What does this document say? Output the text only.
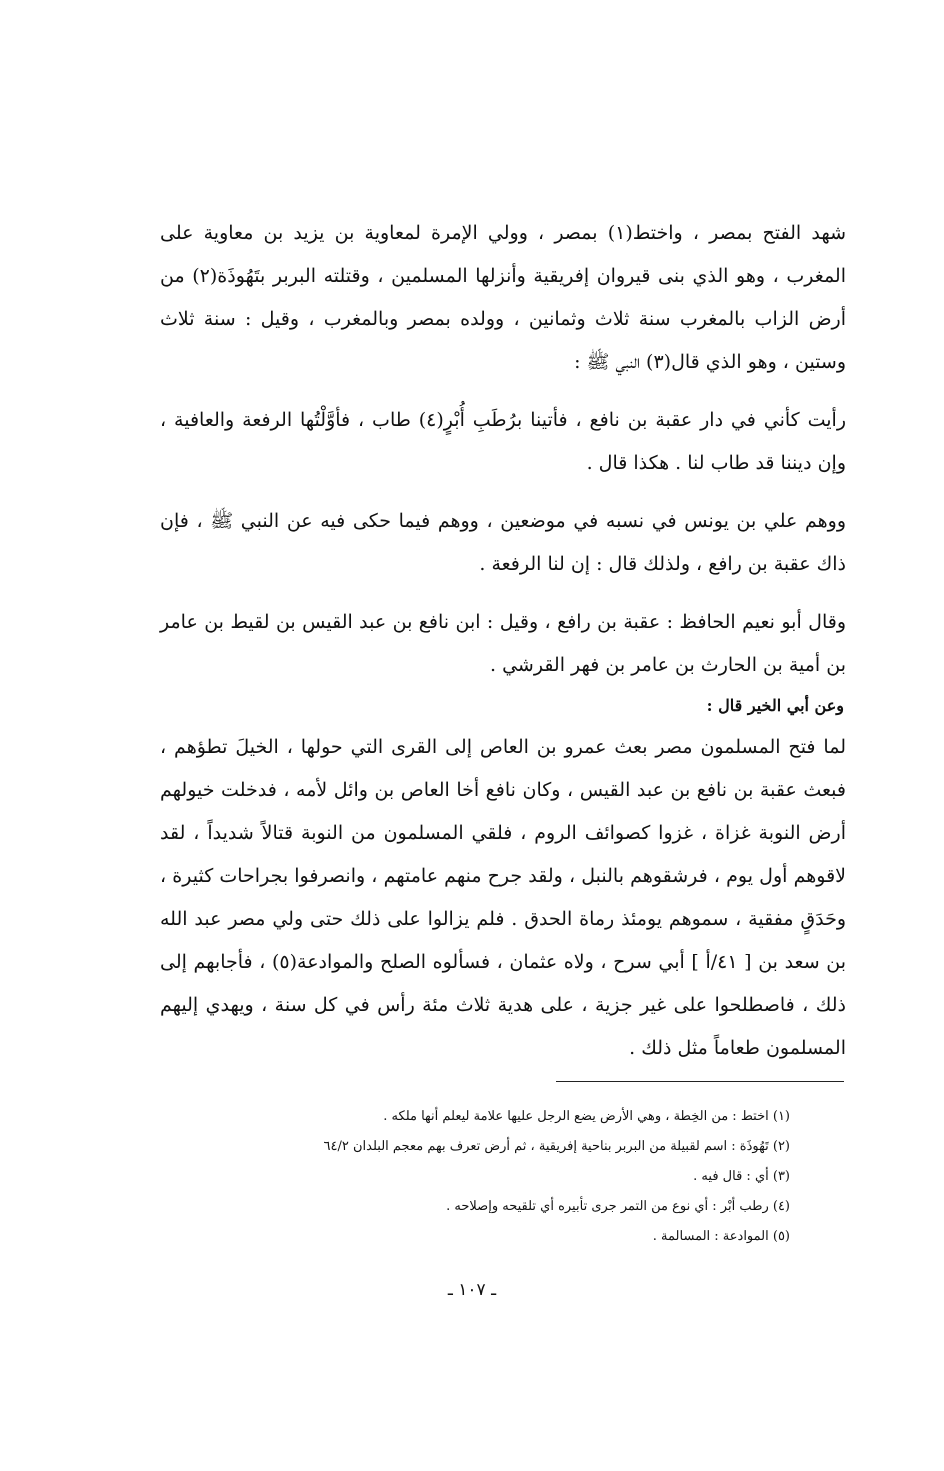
شهد الفتح بمصر ، واختط(١) بمصر ، وولي الإمرة لمعاوية بن يزيد بن معاوية على المغرب ، وهو الذي بنى قيروان إفريقية وأنزلها المسلمين ، وقتلته البربر بتَهُوذَة(٢) من أرض الزاب بالمغرب سنة ثلاث وثمانين ، وولده بمصر وبالمغرب ، وقيل : سنة ثلاث وستين ، وهو الذي قال(٣) النبي ﷺ :

رأيت كأني في دار عقبة بن نافع ، فأتينا برُطَبِ أُبْرٍ(٤) طاب ، فأوَّلْتُها الرفعة والعافية ، وإن ديننا قد طاب لنا . هكذا قال .

ووهم علي بن يونس في نسبه في موضعين ، ووهم فيما حكى فيه عن النبي ﷺ ، فإن ذاك عقبة بن رافع ، ولذلك قال : إن لنا الرفعة .

وقال أبو نعيم الحافظ : عقبة بن رافع ، وقيل : ابن نافع بن عبد القيس بن لقيط بن عامر بن أمية بن الحارث بن عامر بن فهر القرشي .

وعن أبي الخير قال :

لما فتح المسلمون مصر بعث عمرو بن العاص إلى القرى التي حولها ، الخيلَ تطؤهم ، فبعث عقبة بن نافع بن عبد القيس ، وكان نافع أخا العاص بن وائل لأمه ، فدخلت خيولهم أرض النوبة غزاة ، غزوا كصوائف الروم ، فلقي المسلمون من النوبة قتالاً شديداً ، لقد لاقوهم أول يوم ، فرشقوهم بالنبل ، ولقد جرح منهم عامتهم ، وانصرفوا بجراحات كثيرة ، وحَدَقٍ مفقية ، سموهم يومئذ رماة الحدق . فلم يزالوا على ذلك حتى ولي مصر عبد الله بن سعد بن [ ٤١/أ ] أبي سرح ، ولاه عثمان ، فسألوه الصلح والموادعة(٥) ، فأجابهم إلى ذلك ، فاصطلحوا على غير جزية ، على هدية ثلاث مئة رأس في كل سنة ، ويهدي إليهم المسلمون طعاماً مثل ذلك .

(١) اختط : من الخِطة ، وهي الأرض يضع الرجل عليها علامة ليعلم أنها ملكه .
(٢) تَهُوذَة : اسم لقبيلة من البربر بناحية إفريقية ، ثم أرض تعرف بهم معجم البلدان ٦٤/٢
(٣) أي : قال فيه .
(٤) رطب أبْر : أي نوع من التمر جرى تأبيره أي تلقيحه وإصلاحه .
(٥) الموادعة : المسالمة .
ـ ١٠٧ ـ
